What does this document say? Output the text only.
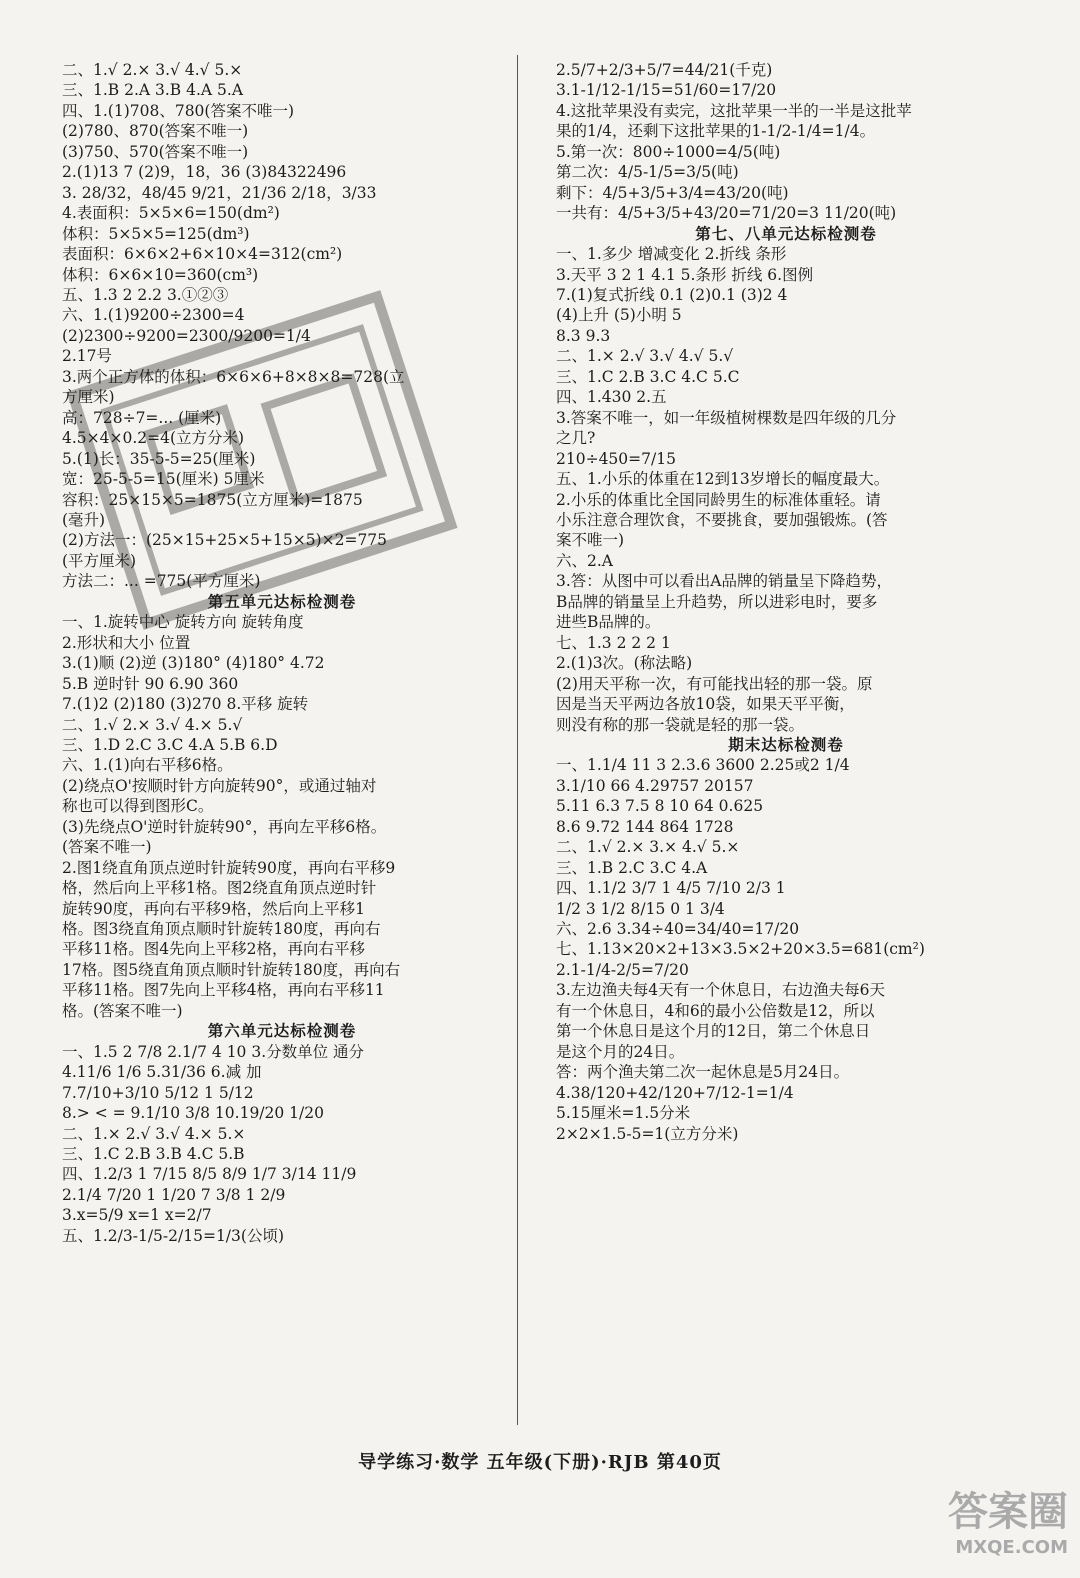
二、1.√ 2.× 3.√ 4.√ 5.×
三、1.B 2.A 3.B 4.A 5.A
四、1.(1)708、780(答案不唯一)
(2)780、870(答案不唯一)
(3)750、570(答案不唯一)
2.(1)13 7 (2)9，18，36 (3)84322496
3. 28/32，48/45 9/21，21/36 2/18，3/33
4.表面积：5×5×6=150(dm²)
体积：5×5×5=125(dm³)
表面积：6×6×2+6×10×4=312(cm²)
体积：6×6×10=360(cm³)
五、1.3 2 2.2 3.①②③
六、1.(1)9200÷2300=4
(2)2300÷9200=2300/9200=1/4
2.17号
3.两个正方体的体积：6×6×6+8×8×8=728(立
方厘米)
高：728÷7=... (厘米)
4.5×4×0.2=4(立方分米)
5.(1)长：35-5-5=25(厘米)
宽：25-5-5=15(厘米) 5厘米
容积：25×15×5=1875(立方厘米)=1875
(毫升)
(2)方法一：(25×15+25×5+15×5)×2=775
(平方厘米)
方法二：... =775(平方厘米)
第五单元达标检测卷
一、1.旋转中心 旋转方向 旋转角度
2.形状和大小 位置
3.(1)顺 (2)逆 (3)180° (4)180° 4.72
5.B 逆时针 90 6.90 360
7.(1)2 (2)180 (3)270 8.平移 旋转
二、1.√ 2.× 3.√ 4.× 5.√
三、1.D 2.C 3.C 4.A 5.B 6.D
六、1.(1)向右平移6格。
(2)绕点O'按顺时针方向旋转90°，或通过轴对
称也可以得到图形C。
(3)先绕点O'逆时针旋转90°，再向左平移6格。
(答案不唯一)
2.图1绕直角顶点逆时针旋转90度，再向右平移9
格，然后向上平移1格。图2绕直角顶点逆时针
旋转90度，再向右平移9格，然后向上平移1
格。图3绕直角顶点顺时针旋转180度，再向右
平移11格。图4先向上平移2格，再向右平移
17格。图5绕直角顶点顺时针旋转180度，再向右
平移11格。图7先向上平移4格，再向右平移11
格。(答案不唯一)
第六单元达标检测卷
一、1.5 2 7/8 2.1/7 4 10 3.分数单位 通分
4.11/6 1/6 5.31/36 6.减 加
7.7/10+3/10 5/12 1 5/12
8.> < = 9.1/10 3/8 10.19/20 1/20
二、1.× 2.√ 3.√ 4.× 5.×
三、1.C 2.B 3.B 4.C 5.B
四、1.2/3 1 7/15 8/5 8/9 1/7 3/14 11/9
2.1/4 7/20 1 1/20 7 3/8 1 2/9
3.x=5/9 x=1 x=2/7
五、1.2/3-1/5-2/15=1/3(公顷)
2.5/7+2/3+5/7=44/21(千克)
3.1-1/12-1/15=51/60=17/20
4.这批苹果没有卖完，这批苹果一半的一半是这批苹
果的1/4，还剩下这批苹果的1-1/2-1/4=1/4。
5.第一次：800÷1000=4/5(吨)
第二次：4/5-1/5=3/5(吨)
剩下：4/5+3/5+3/4=43/20(吨)
一共有：4/5+3/5+43/20=71/20=3 11/20(吨)
第七、八单元达标检测卷
一、1.多少 增减变化 2.折线 条形
3.天平 3 2 1 4.1 5.条形 折线 6.图例
7.(1)复式折线 0.1 (2)0.1 (3)2 4
(4)上升 (5)小明 5
8.3 9.3
二、1.× 2.√ 3.√ 4.√ 5.√
三、1.C 2.B 3.C 4.C 5.C
四、1.430 2.五
3.答案不唯一，如一年级植树棵数是四年级的几分
之几?
210÷450=7/15
五、1.小乐的体重在12到13岁增长的幅度最大。
2.小乐的体重比全国同龄男生的标准体重轻。请
小乐注意合理饮食，不要挑食，要加强锻炼。(答
案不唯一)
六、2.A
3.答：从图中可以看出A品牌的销量呈下降趋势，
B品牌的销量呈上升趋势，所以进彩电时，要多
进些B品牌的。
七、1.3 2 2 2 1
2.(1)3次。(称法略)
(2)用天平称一次，有可能找出轻的那一袋。原
因是当天平两边各放10袋，如果天平平衡，
则没有称的那一袋就是轻的那一袋。
期末达标检测卷
一、1.1/4 11 3 2.3.6 3600 2.25或2 1/4
3.1/10 66 4.29757 20157
5.11 6.3 7.5 8 10 64 0.625
8.6 9.72 144 864 1728
二、1.√ 2.× 3.× 4.√ 5.×
三、1.B 2.C 3.C 4.A
四、1.1/2 3/7 1 4/5 7/10 2/3 1
1/2 3 1/2 8/15 0 1 3/4
六、2.6 3.34÷40=34/40=17/20
七、1.13×20×2+13×3.5×2+20×3.5=681(cm²)
2.1-1/4-2/5=7/20
3.左边渔夫每4天有一个休息日，右边渔夫每6天
有一个休息日，4和6的最小公倍数是12，所以
第一个休息日是这个月的12日，第二个休息日
是这个月的24日。
答：两个渔夫第二次一起休息是5月24日。
4.38/120+42/120+7/12-1=1/4
5.15厘米=1.5分米
2×2×1.5-5=1(立方分米)
导学练习·数学 五年级(下册)·RJB 第40页
答案圈
MXQE.COM
